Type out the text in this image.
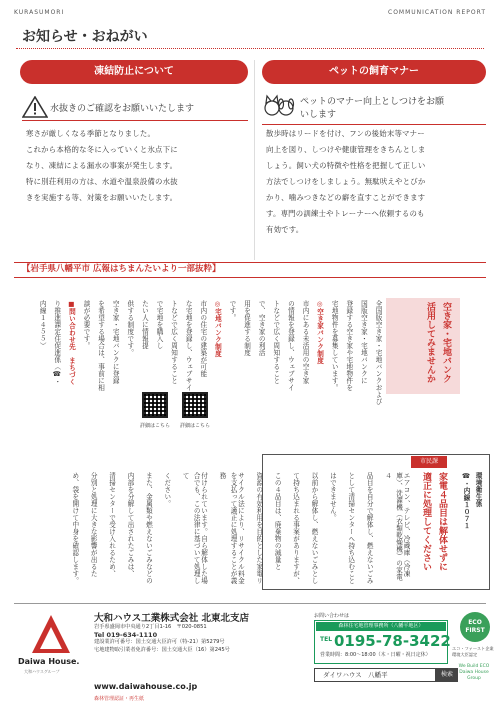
KURASUMORI	COMMUNICATION REPORT
お知らせ・おねがい
凍結防止について
水抜きのご確認をお願いいたします
寒さが厳しくなる季節となりました。
これから本格的な冬に入っていくと氷点下に
なり、凍結による漏水の事案が発生します。
特に別荘利用の方は、水道や温泉設備の水抜
きを実施する等、対策をお願いいたします。
ペットの飼育マナー
ペットのマナー向上としつけをお願
いします
散歩時はリードを付け、フンの後始末等マナー
向上を図り、しつけや健康管理をきちんとしま
しょう。飼い犬の特徴や性格を把握して正しい
方法でしつけをしましょう。無駄吠えやとびか
かり、噛みつきなどの癖を直すことができます
す。専門の訓練士やトレーナーへ依頼するのも
有効です。
【岩手県八幡平市 広報はちまんたいより一部抜粋】
空き家・宅地バンク
活用してみませんか
全国版空き家・宅地バンクおよび
国版空き家・宅地バンクに
登録する空き家や宅地物件を
宅地物件を募集しています。
◎空き家バンク制度
市内にある未活用の空き家
の情報を登録し、ウェブサイ
トなどで広く周知すること
で、空き家の利活
用を促進する制度
です。
◎宅地バンク制度
市内の住宅の建築が可能
な宅地を登録し、ウェブサイ
トなどで広く周知すること
で宅地を購入し
たい人に情報提
供する制度です。
空き家・宅地バンクに登録
を希望する場合は、事前に相
談が必要です。
■問い合わせ先　まちづく
り推進課定住促進係（☎・
内線１４５５）
詳細はこちら
詳細はこちら
市民課
環境衛生係
☎・内線１０７１
家電４品目は解体せずに
適正に処理してください
エアコン、テレビ、冷蔵庫（冷凍
庫）、洗濯機（衣類乾燥機）の家電４
品目を自分で解体し、燃えないごみ
として清掃センターへ持ち込むこと
はできません。
以前から解体し、燃えないごみとし
て持ち込まれる事案がありますが、
この４品目は、廃棄物の減量と
資源の有効利用を目的とした家電リ
サイクル法により、リサイクル料金
を支払って適正に処理することが義務
付けられています。自ら解体した場
合でも、この法律に基づいて処理して
ください。
また、金属類や燃えないごみなどの
内部を分解して出されたごみは、
清掃センターで受け入れるため、
分別と処理に大きな影響が出るた
め、袋を開けて中身を確認します。
Daiwa House.
大和ハウスグループ
大和ハウス工業株式会社 北東北支店
岩手県盛岡市中央通り2丁目1-16　〒020-0851
Tel 019-634-1110
建設業許可番号：国土交通大臣許可（特-21）第5279号
宅地建物取引業者免許番号：国土交通大臣（16）第245号
www.daiwahouse.co.jp
森林管理認証・再生紙
お問い合わせは
森林住宅地管理事務所（八幡平地区）
TEL 0195-78-3422
営業時間：8:00～18:00（木・日曜・祝日定休）
ダイワハウス　八幡平	検索
ECO FIRST
エコ・ファースト企業 環境大臣認定
We Build ECO Daiwa House Group
